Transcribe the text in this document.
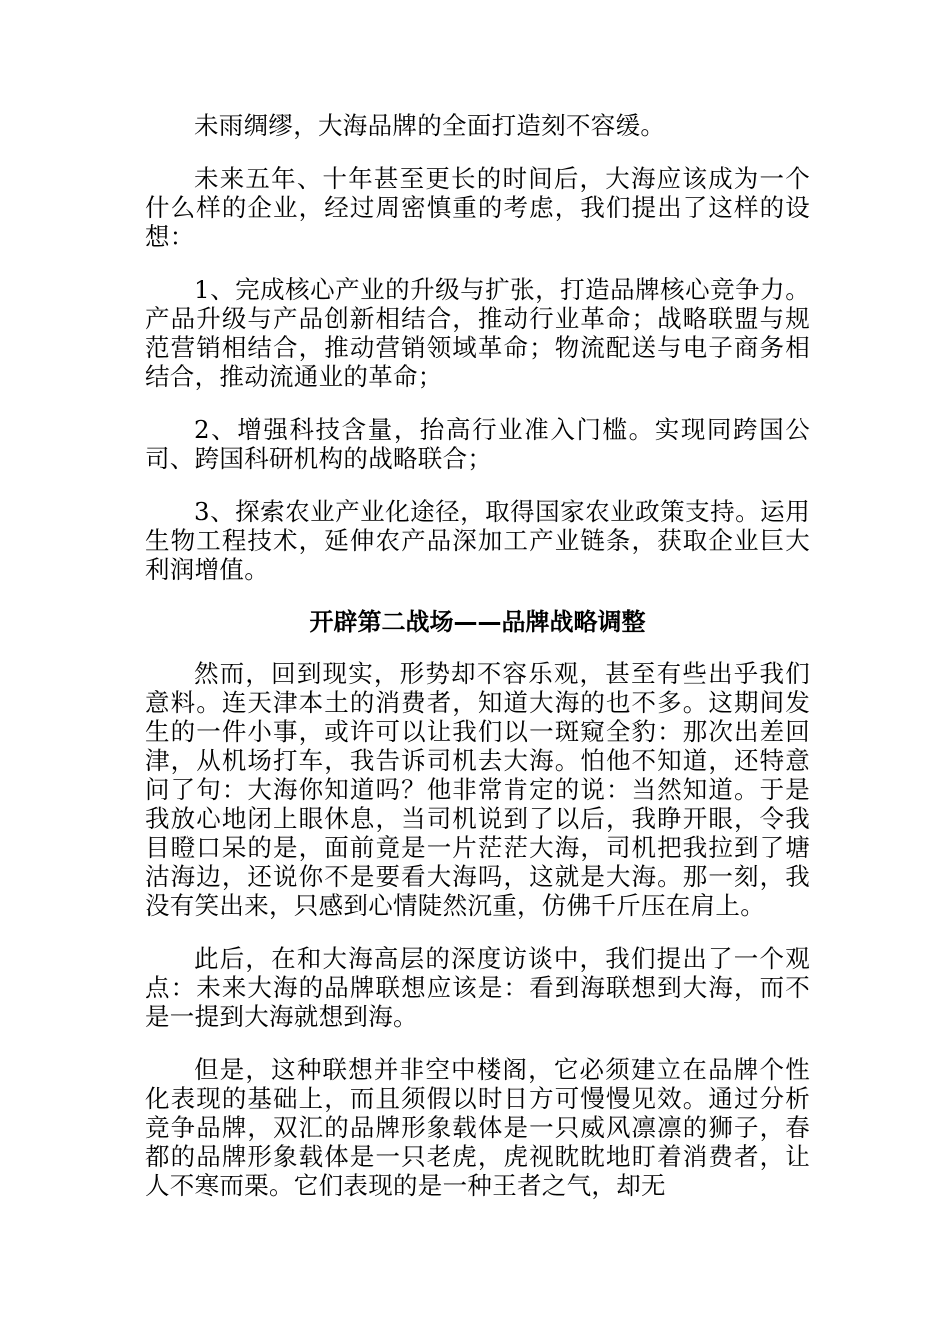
未雨绸缪，大海品牌的全面打造刻不容缓。

未来五年、十年甚至更长的时间后，大海应该成为一个什么样的企业，经过周密慎重的考虑，我们提出了这样的设想：

1、完成核心产业的升级与扩张，打造品牌核心竞争力。产品升级与产品创新相结合，推动行业革命；战略联盟与规范营销相结合，推动营销领域革命；物流配送与电子商务相结合，推动流通业的革命；

2、增强科技含量，抬高行业准入门槛。实现同跨国公司、跨国科研机构的战略联合；

3、探索农业产业化途径，取得国家农业政策支持。运用生物工程技术，延伸农产品深加工产业链条，获取企业巨大利润增值。

开辟第二战场——品牌战略调整

然而，回到现实，形势却不容乐观，甚至有些出乎我们意料。连天津本土的消费者，知道大海的也不多。这期间发生的一件小事，或许可以让我们以一斑窥全豹：那次出差回津，从机场打车，我告诉司机去大海。怕他不知道，还特意问了句：大海你知道吗？他非常肯定的说：当然知道。于是我放心地闭上眼休息，当司机说到了以后，我睁开眼，令我目瞪口呆的是，面前竟是一片茫茫大海，司机把我拉到了塘沽海边，还说你不是要看大海吗，这就是大海。那一刻，我没有笑出来，只感到心情陡然沉重，仿佛千斤压在肩上。

此后，在和大海高层的深度访谈中，我们提出了一个观点：未来大海的品牌联想应该是：看到海联想到大海，而不是一提到大海就想到海。

但是，这种联想并非空中楼阁，它必须建立在品牌个性化表现的基础上，而且须假以时日方可慢慢见效。通过分析竞争品牌，双汇的品牌形象载体是一只威风凛凛的狮子，春都的品牌形象载体是一只老虎，虎视眈眈地盯着消费者，让人不寒而栗。它们表现的是一种王者之气，却无
